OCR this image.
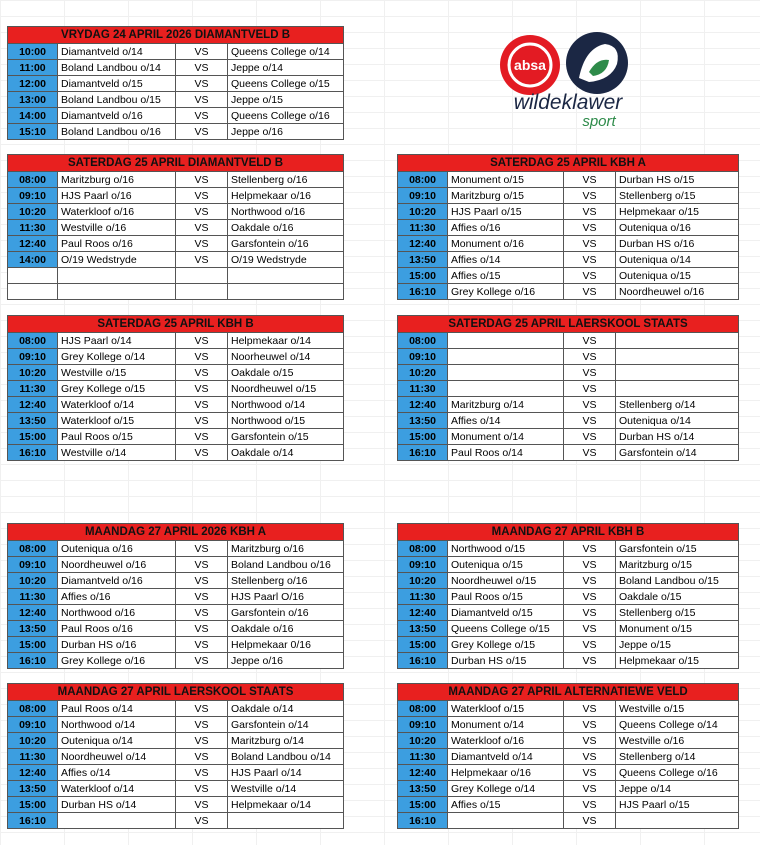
VRYDAG 24 APRIL 2026 DIAMANTVELD B			
10:00	Diamantveld o/14	VS	Queens College o/14
11:00	Boland Landbou o/14	VS	Jeppe o/14
12:00	Diamantveld o/15	VS	Queens College o/15
13:00	Boland Landbou o/15	VS	Jeppe o/15
14:00	Diamantveld o/16	VS	Queens College o/16
15:10	Boland Landbou o/16	VS	Jeppe o/16
absa
wildeklawer
sport
SATERDAG 25 APRIL DIAMANTVELD B			
08:00	Maritzburg o/16	VS	Stellenberg o/16
09:10	HJS Paarl o/16	VS	Helpmekaar o/16
10:20	Waterkloof o/16	VS	Northwood o/16
11:30	Westville o/16	VS	Oakdale o/16
12:40	Paul Roos o/16	VS	Garsfontein o/16
14:00	O/19 Wedstryde	VS	O/19 Wedstryde

SATERDAG 25 APRIL KBH A			
08:00	Monument o/15	VS	Durban HS o/15
09:10	Maritzburg o/15	VS	Stellenberg o/15
10:20	HJS Paarl o/15	VS	Helpmekaar o/15
11:30	Affies o/16	VS	Outeniqua o/16
12:40	Monument o/16	VS	Durban HS o/16
13:50	Affies o/14	VS	Outeniqua o/14
15:00	Affies o/15	VS	Outeniqua o/15
16:10	Grey Kollege o/16	VS	Noordheuwel o/16
SATERDAG 25 APRIL KBH B			
08:00	HJS Paarl o/14	VS	Helpmekaar o/14
09:10	Grey Kollege o/14	VS	Noorheuwel o/14
10:20	Westville o/15	VS	Oakdale o/15
11:30	Grey Kollege o/15	VS	Noordheuwel o/15
12:40	Waterkloof o/14	VS	Northwood o/14
13:50	Waterkloof o/15	VS	Northwood o/15
15:00	Paul Roos o/15	VS	Garsfontein o/15
16:10	Westville o/14	VS	Oakdale o/14
SATERDAG 25 APRIL LAERSKOOL STAATS			
08:00		VS	
09:10		VS	
10:20		VS	
11:30		VS	
12:40	Maritzburg o/14	VS	Stellenberg o/14
13:50	Affies o/14	VS	Outeniqua o/14
15:00	Monument o/14	VS	Durban HS o/14
16:10	Paul Roos o/14	VS	Garsfontein o/14
MAANDAG 27 APRIL 2026 KBH A			
08:00	Outeniqua o/16	VS	Maritzburg o/16
09:10	Noordheuwel o/16	VS	Boland Landbou o/16
10:20	Diamantveld o/16	VS	Stellenberg o/16
11:30	Affies o/16	VS	HJS Paarl O/16
12:40	Northwood o/16	VS	Garsfontein o/16
13:50	Paul Roos o/16	VS	Oakdale o/16
15:00	Durban HS o/16	VS	Helpmekaar 0/16
16:10	Grey Kollege o/16	VS	Jeppe o/16
MAANDAG 27 APRIL KBH B			
08:00	Northwood o/15	VS	Garsfontein o/15
09:10	Outeniqua o/15	VS	Maritzburg o/15
10:20	Noordheuwel o/15	VS	Boland Landbou o/15
11:30	Paul Roos o/15	VS	Oakdale o/15
12:40	Diamantveld o/15	VS	Stellenberg o/15
13:50	Queens College o/15	VS	Monument o/15
15:00	Grey Kollege o/15	VS	Jeppe o/15
16:10	Durban HS o/15	VS	Helpmekaar o/15
MAANDAG 27 APRIL LAERSKOOL STAATS			
08:00	Paul Roos o/14	VS	Oakdale o/14
09:10	Northwood o/14	VS	Garsfontein o/14
10:20	Outeniqua o/14	VS	Maritzburg o/14
11:30	Noordheuwel o/14	VS	Boland Landbou o/14
12:40	Affies o/14	VS	HJS Paarl o/14
13:50	Waterkloof o/14	VS	Westville o/14
15:00	Durban HS o/14	VS	Helpmekaar o/14
16:10		VS	
MAANDAG 27 APRIL ALTERNATIEWE VELD			
08:00	Waterkloof o/15	VS	Westville o/15
09:10	Monument o/14	VS	Queens College o/14
10:20	Waterkloof o/16	VS	Westville o/16
11:30	Diamantveld o/14	VS	Stellenberg o/14
12:40	Helpmekaar o/16	VS	Queens College o/16
13:50	Grey Kollege o/14	VS	Jeppe o/14
15:00	Affies o/15	VS	HJS Paarl o/15
16:10		VS	
